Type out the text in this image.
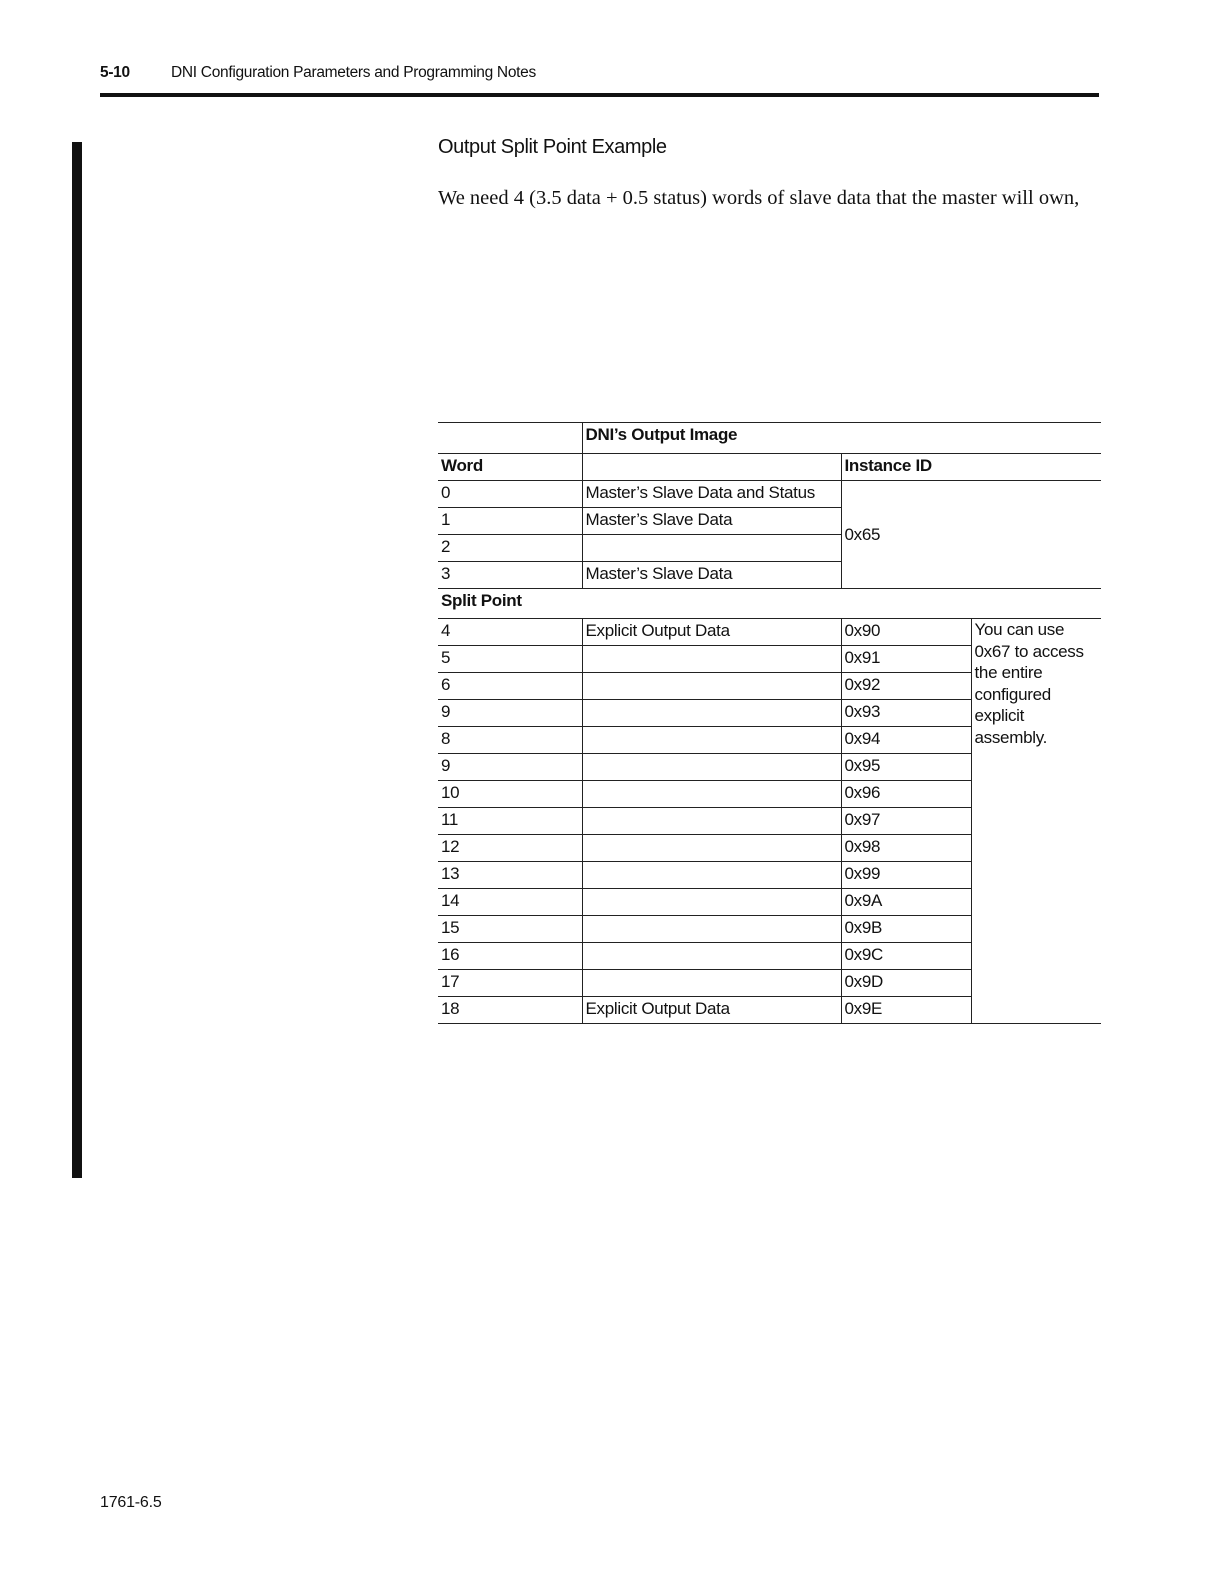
5-10	DNI Configuration Parameters and Programming Notes
Output Split Point Example
We need 4 (3.5 data + 0.5 status) words of slave data that the master will own,
	DNI’s Output Image		
Word		Instance ID	
0	Master’s Slave Data and Status	0x65	
1	Master’s Slave Data		
2			
3	Master’s Slave Data		
Split Point			
4	Explicit Output Data	0x90	You can use 0x67 to access the entire configured explicit assembly.
5		0x91	
6		0x92	
9		0x93	
8		0x94	
9		0x95	
10		0x96	
11		0x97	
12		0x98	
13		0x99	
14		0x9A	
15		0x9B	
16		0x9C	
17		0x9D	
18	Explicit Output Data	0x9E	
1761-6.5
